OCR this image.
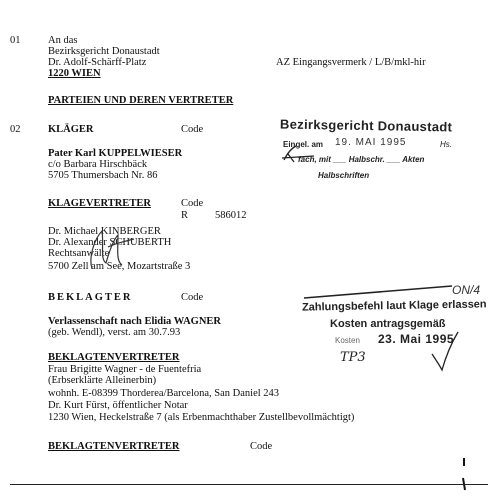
01	An das
Bezirksgericht Donaustadt
Dr. Adolf-Schärff-Platz
1220 WIEN
AZ Eingangsvermerk / L/B/mkl-hir
PARTEIEN UND DEREN VERTRETER
02	KLÄGER	Code
Pater Karl KUPPELWIESER
c/o Barbara Hirschbäck
5705 Thumersbach Nr. 86
KLAGEVERTRETER	Code
R	586012
Dr. Michael KINBERGER
Dr. Alexander SCHUBERTH
Rechtsanwälte
5700 Zell am See, Mozartstraße 3
BEKLAGTER	Code
Verlassenschaft nach Elidia WAGNER
(geb. Wendl), verst. am 30.7.93
BEKLAGTENVERTRETER
Frau Brigitte Wagner - de Fuentefria
(Erbserklärte Alleinerbin)
wohnh. E-08399 Thorderea/Barcelona, San Daniel 243
Dr. Kurt Fürst, öffentlicher Notar
1230 Wien, Heckelstraße 7 (als Erbenmachthaber Zustellbevollmächtigt)
BEKLAGTENVERTRETER	Code
Bezirksgericht Donaustadt
Eingel. am 19. MAI 1995	Hs.
fach, mit ___ Halbschr. ___ Akten
Halbschriften
ON/4
Zahlungsbefehl laut Klage erlassen
Kosten antragsgemäß
Kosten 23. Mai 1995
TP3
